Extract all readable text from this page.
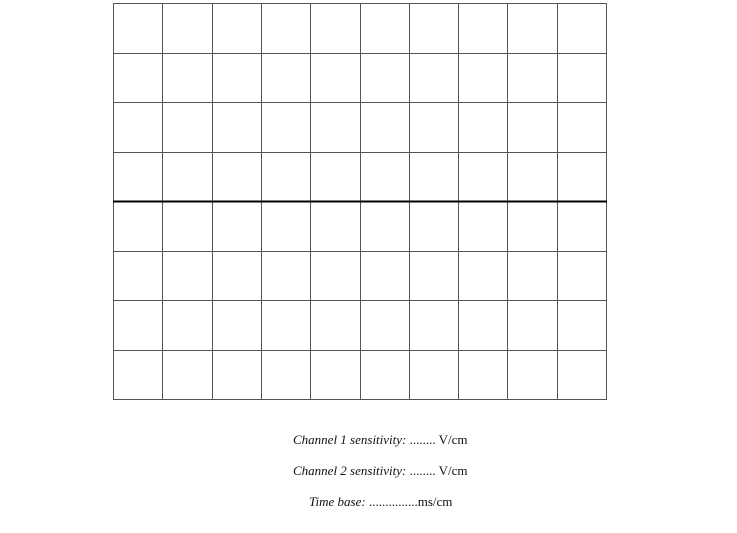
Channel 1 sensitivity: ........ V/cm
Channel 2 sensitivity: ........ V/cm
Time base: ...............ms/cm
